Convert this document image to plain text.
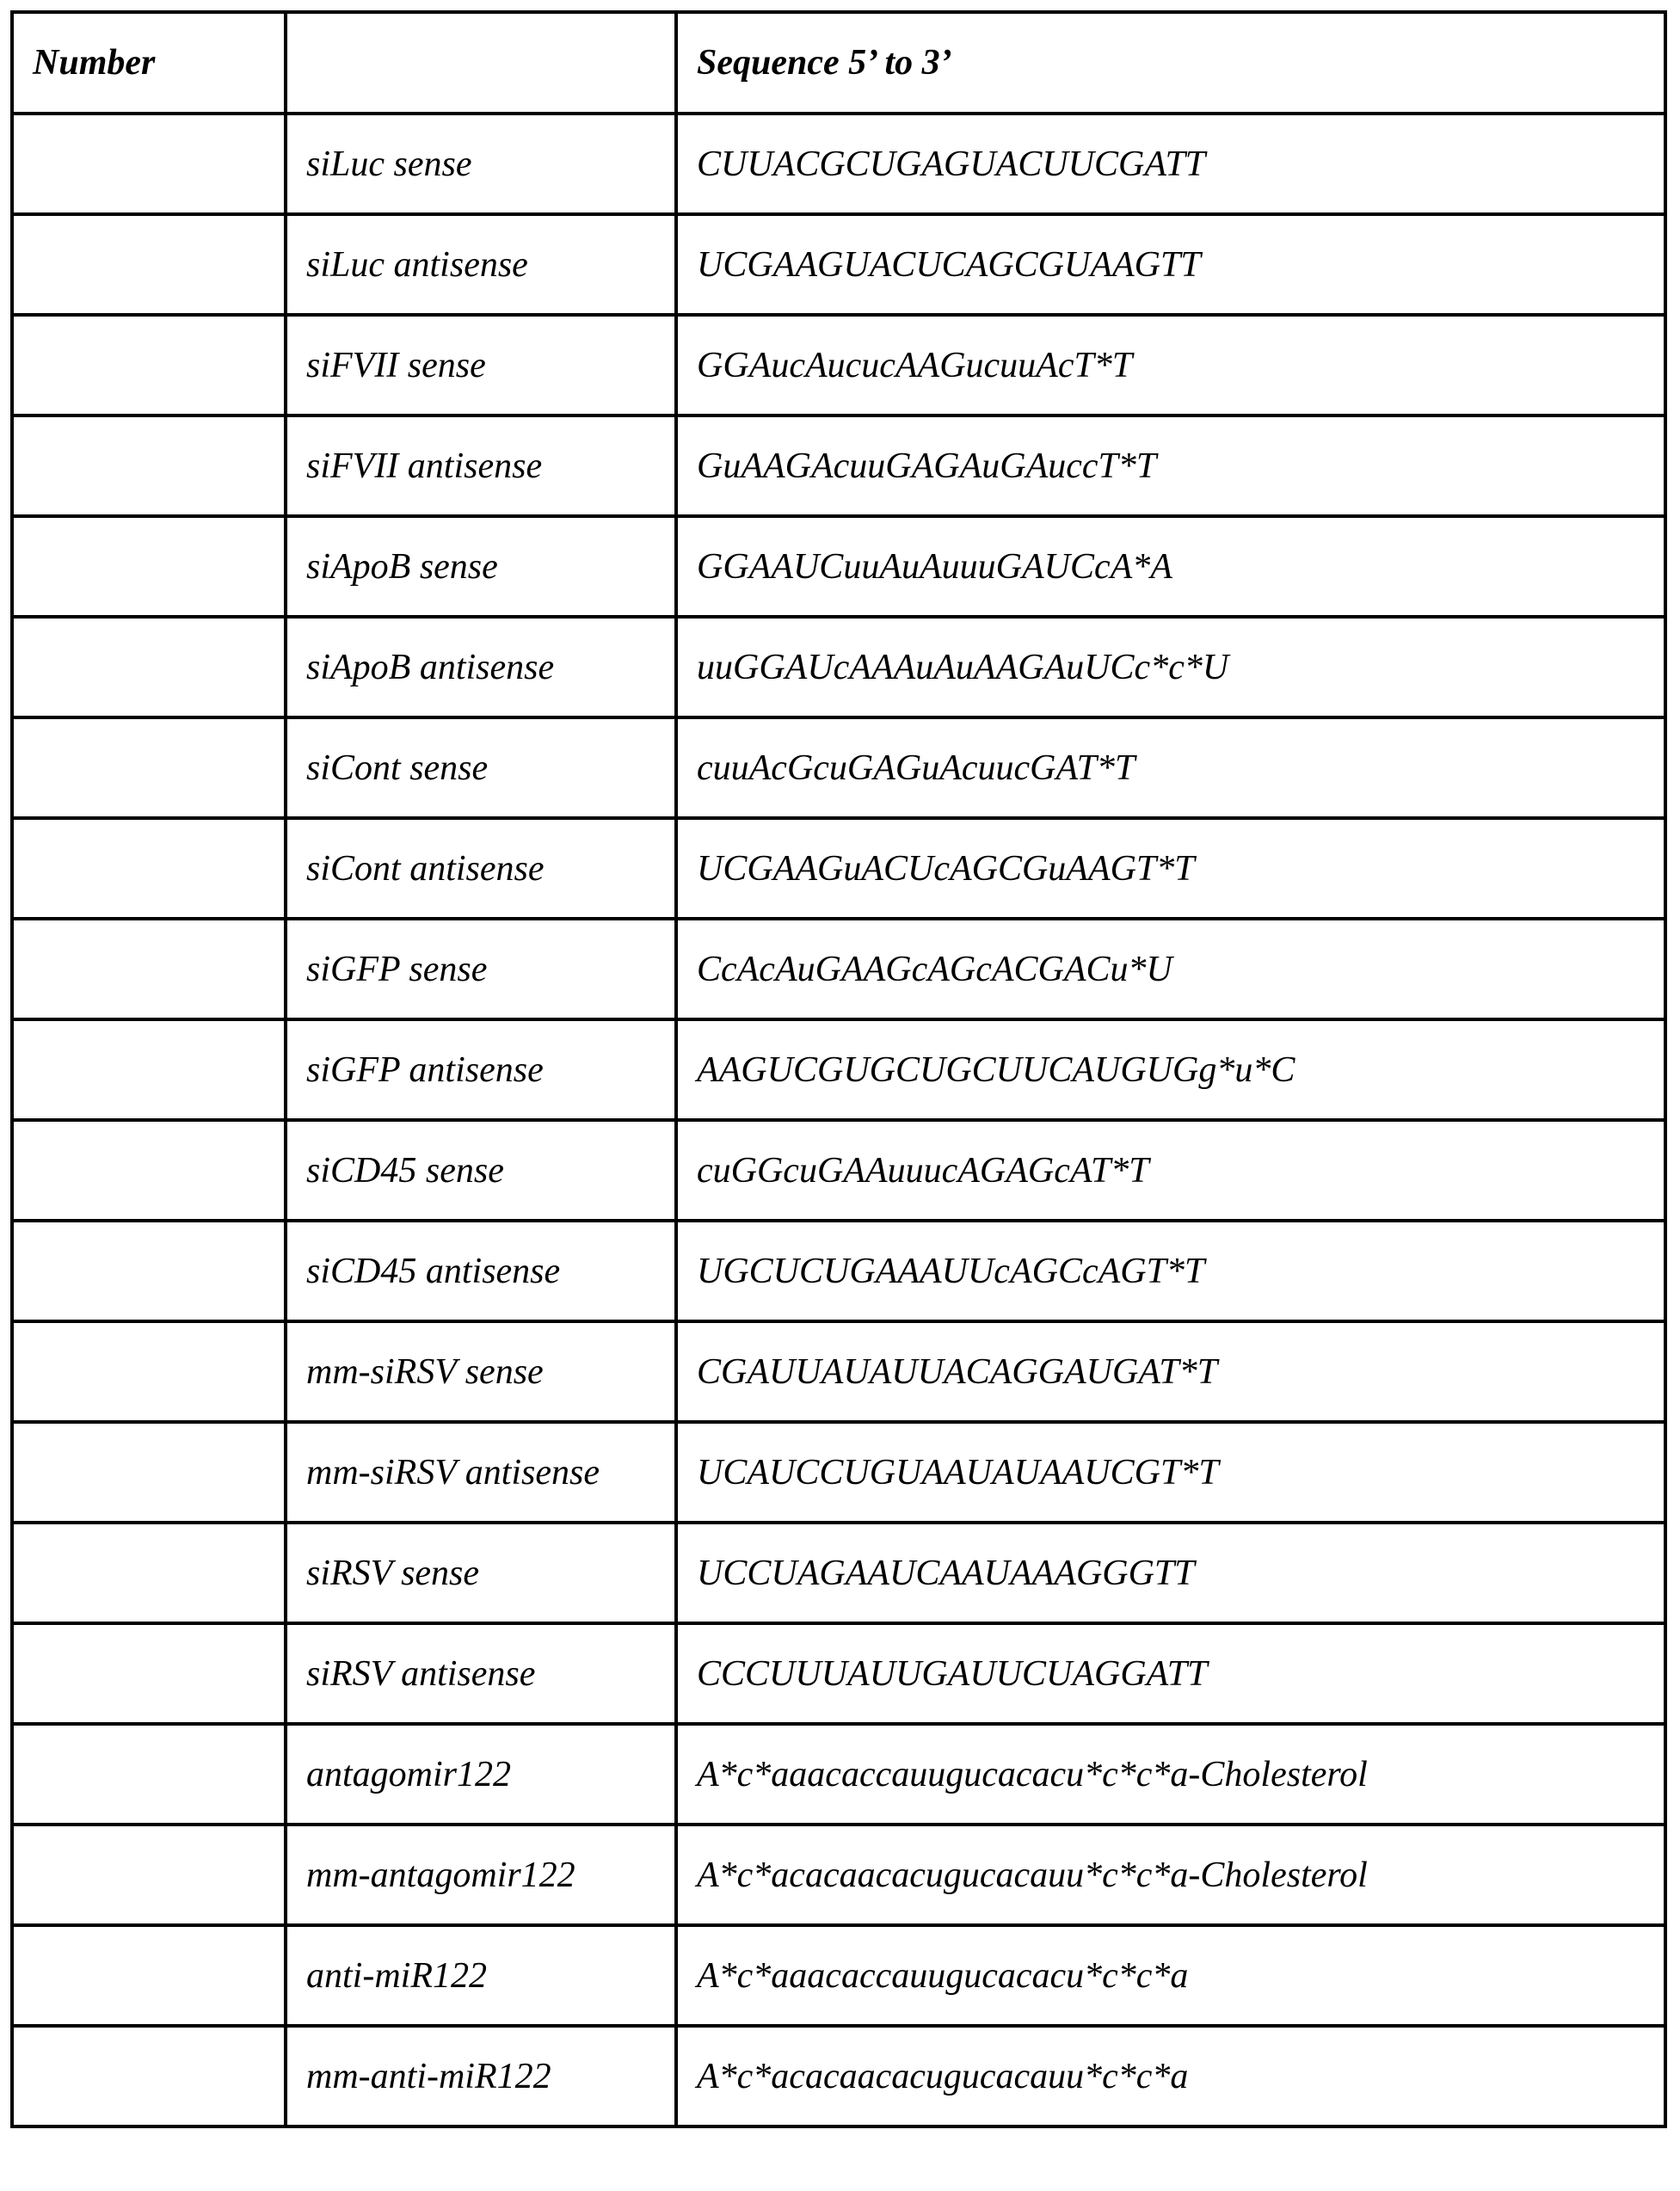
Number		Sequence 5’ to 3’
	siLuc sense	CUUACGCUGAGUACUUCGATT
	siLuc antisense	UCGAAGUACUCAGCGUAAGTT
	siFVII sense	GGAucAucucAAGucuuAcT*T
	siFVII antisense	GuAAGAcuuGAGAuGAuccT*T
	siApoB sense	GGAAUCuuAuAuuuGAUCcA*A
	siApoB antisense	uuGGAUcAAAuAuAAGAuUCc*c*U
	siCont sense	cuuAcGcuGAGuAcuucGAT*T
	siCont antisense	UCGAAGuACUcAGCGuAAGT*T
	siGFP sense	CcAcAuGAAGcAGcACGACu*U
	siGFP antisense	AAGUCGUGCUGCUUCAUGUGg*u*C
	siCD45 sense	cuGGcuGAAuuucAGAGcAT*T
	siCD45 antisense	UGCUCUGAAAUUcAGCcAGT*T
	mm-siRSV sense	CGAUUAUAUUACAGGAUGAT*T
	mm-siRSV antisense	UCAUCCUGUAAUAUAAUCGT*T
	siRSV sense	UCCUAGAAUCAAUAAAGGGTT
	siRSV antisense	CCCUUUAUUGAUUCUAGGATT
	antagomir122	A*c*aaacaccauugucacacu*c*c*a-Cholesterol
	mm-antagomir122	A*c*acacaacacugucacauu*c*c*a-Cholesterol
	anti-miR122	A*c*aaacaccauugucacacu*c*c*a
	mm-anti-miR122	A*c*acacaacacugucacauu*c*c*a
